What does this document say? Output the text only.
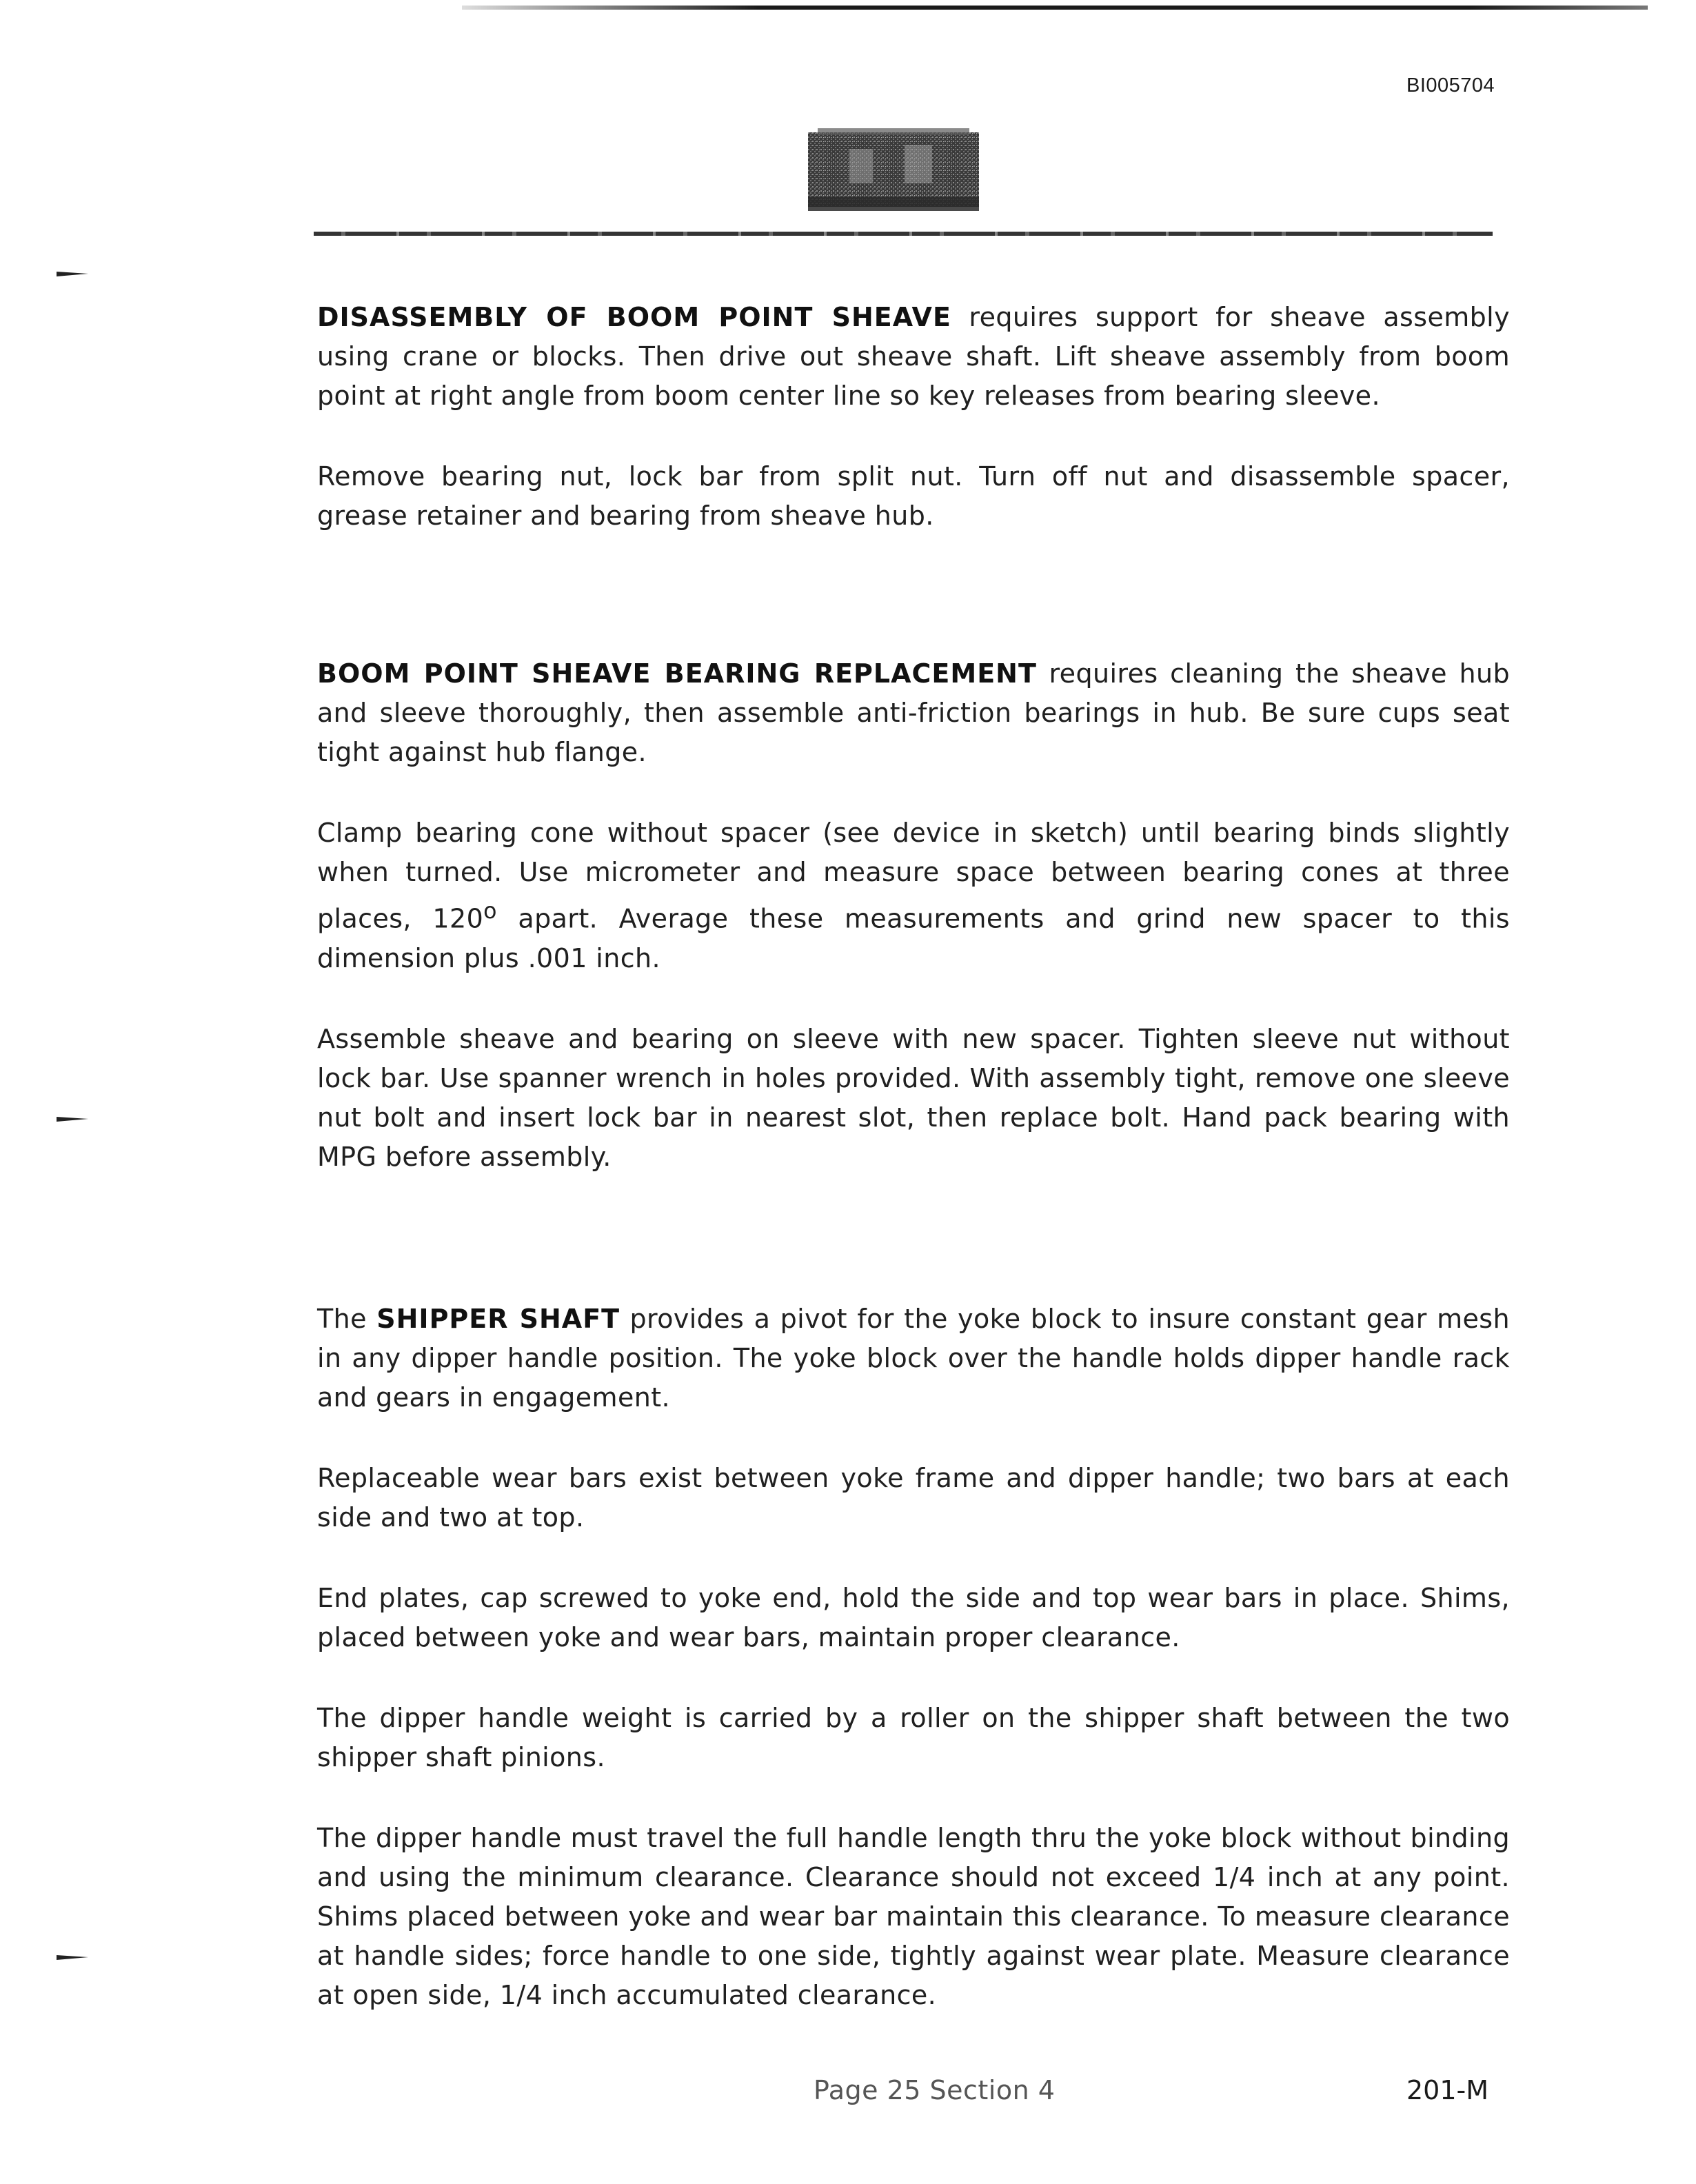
BI005704

DISASSEMBLY OF BOOM POINT SHEAVE requires support for sheave assembly using crane or blocks. Then drive out sheave shaft. Lift sheave assembly from boom point at right angle from boom center line so key releases from bearing sleeve.

Remove bearing nut, lock bar from split nut. Turn off nut and disassemble spacer, grease retainer and bearing from sheave hub.

BOOM POINT SHEAVE BEARING REPLACEMENT requires cleaning the sheave hub and sleeve thoroughly, then assemble anti-friction bearings in hub. Be sure cups seat tight against hub flange.

Clamp bearing cone without spacer (see device in sketch) until bearing binds slightly when turned. Use micrometer and measure space between bearing cones at three places, 120$^o$ apart. Average these measurements and grind new spacer to this dimension plus .001 inch.

Assemble sheave and bearing on sleeve with new spacer. Tighten sleeve nut without lock bar. Use spanner wrench in holes provided. With assembly tight, remove one sleeve nut bolt and insert lock bar in nearest slot, then replace bolt. Hand pack bearing with MPG before assembly.

The SHIPPER SHAFT provides a pivot for the yoke block to insure constant gear mesh in any dipper handle position. The yoke block over the handle holds dipper handle rack and gears in engagement.

Replaceable wear bars exist between yoke frame and dipper handle; two bars at each side and two at top.

End plates, cap screwed to yoke end, hold the side and top wear bars in place. Shims, placed between yoke and wear bars, maintain proper clearance.

The dipper handle weight is carried by a roller on the shipper shaft between the two shipper shaft pinions.

The dipper handle must travel the full handle length thru the yoke block without binding and using the minimum clearance. Clearance should not exceed 1/4 inch at any point. Shims placed between yoke and wear bar maintain this clearance. To measure clearance at handle sides; force handle to one side, tightly against wear plate. Measure clearance at open side, 1/4 inch accumulated clearance.

Page 25 Section 4	201-M
